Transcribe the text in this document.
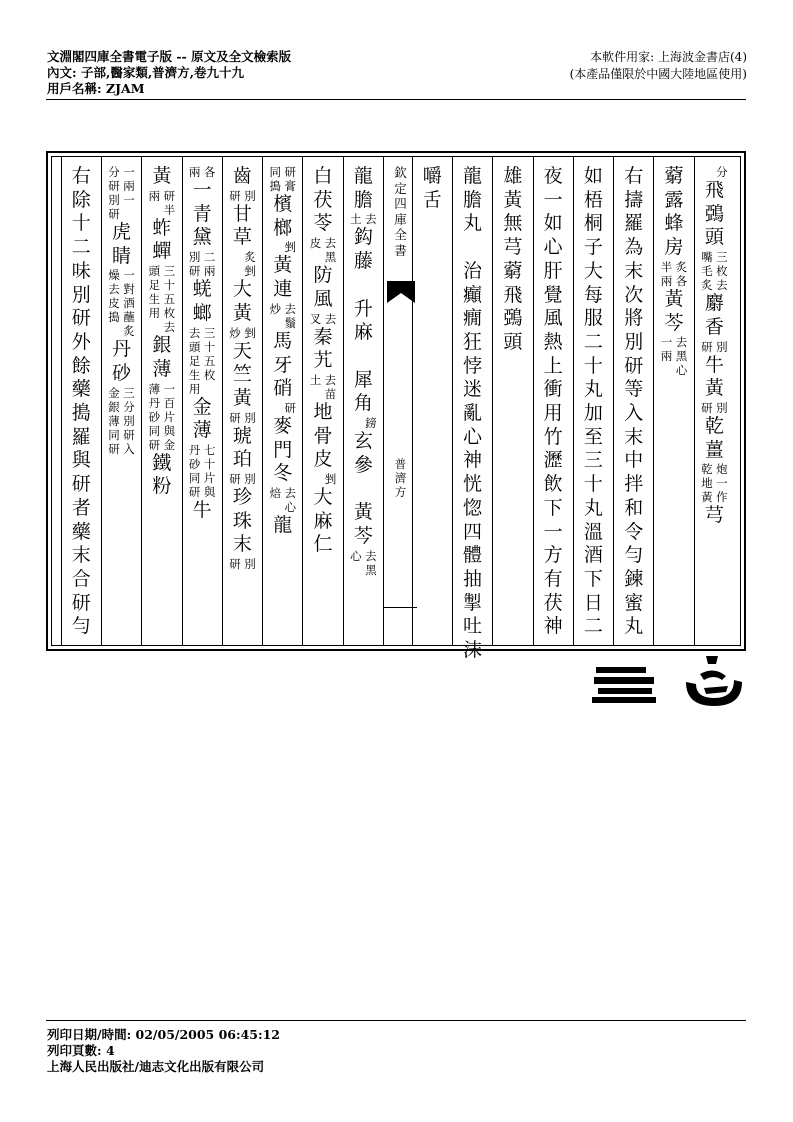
文淵閣四庫全書電子版 -- 原文及全文檢索版
內文: 子部,醫家類,普濟方,卷九十九
用戶名稱: ZJAM
本軟件用家: 上海波金書店(4)
(本產品僅限於中國大陸地區使用)
欽
定
四
庫
全
書
普
濟
方
分
飛
鵶
頭
三枚去
嘴毛炙
麝
香
別
研
牛
黃
別
研
乾
薑
炮一作
乾地黃
芎
藭
露
蜂
房
炙各
半兩
黃
芩
去黑心
一兩
右
擣
羅
為
末
次
將
別
研
等
入
末
中
拌
和
令
勻
鍊
蜜
丸
如
梧
桐
子
大
每
服
二
十
丸
加
至
三
十
丸
溫
酒
下
日
二
夜
一
如
心
肝
覺
風
熱
上
衝
用
竹
瀝
飲
下
一
方
有
茯
神
雄
黃
無
芎
藭
飛
鵶
頭
龍
膽
丸

治
癲
癇
狂
悖
迷
亂
心
神
恍
惚
四
體
抽
掣
吐
沫
嚼
舌
龍
膽
去
土
鈎
藤

升
麻

犀
角
鎊
玄
參

黃
芩
去黑
心
白
茯
苓
去黑
皮
防
風
去
叉
秦
艽
去苗
土
地
骨
皮
剉
大
麻
仁
研膏
同搗
檳
榔
剉
黃
連
去鬚
炒
馬
牙
硝
研
麥
門
冬
去心
焙
龍
齒
別
研
甘
草
炙剉
大
黃
剉
炒
天
竺
黃
別
研
琥
珀
別
研
珍
珠
末
別
研
各
兩
一
青
黛
二兩
別研
蜣
螂
三十五枚
去頭足生用
金
薄
七十片與
丹砂同研
牛
黃
研
兩
半
蚱
蟬
三十五枚去
頭足生用
銀
薄
一百片與金
薄丹砂同研
鐵
粉
一兩
分研
一
別研
虎
睛
一對酒蘸炙
燥去皮搗
丹
砂
三分別研入
金銀薄同研
右
除
十
二
味
別
研
外
餘
藥
搗
羅
與
研
者
藥
末
合
研
勻
列印日期/時間: 02/05/2005 06:45:12
列印頁數: 4
上海人民出版社/迪志文化出版有限公司
